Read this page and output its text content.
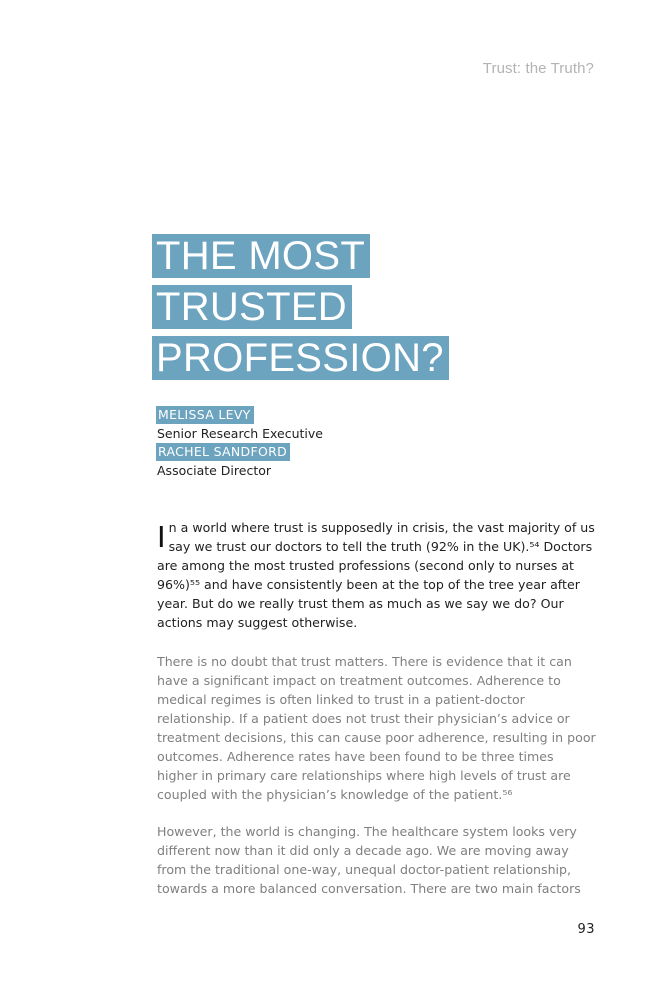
Trust: the Truth?
THE MOST
TRUSTED
PROFESSION?
MELISSA LEVY
Senior Research Executive
RACHEL SANDFORD
Associate Director

In a world where trust is supposedly in crisis, the vast majority of us say we trust our doctors to tell the truth (92% in the UK).⁵⁴ Doctors are among the most trusted professions (second only to nurses at 96%)⁵⁵ and have consistently been at the top of the tree year after year. But do we really trust them as much as we say we do? Our actions may suggest otherwise.

There is no doubt that trust matters. There is evidence that it can have a significant impact on treatment outcomes. Adherence to medical regimes is often linked to trust in a patient-doctor relationship. If a patient does not trust their physician’s advice or treatment decisions, this can cause poor adherence, resulting in poor outcomes. Adherence rates have been found to be three times higher in primary care relationships where high levels of trust are coupled with the physician’s knowledge of the patient.⁵⁶

However, the world is changing. The healthcare system looks very different now than it did only a decade ago. We are moving away from the traditional one-way, unequal doctor-patient relationship, towards a more balanced conversation. There are two main factors

93
